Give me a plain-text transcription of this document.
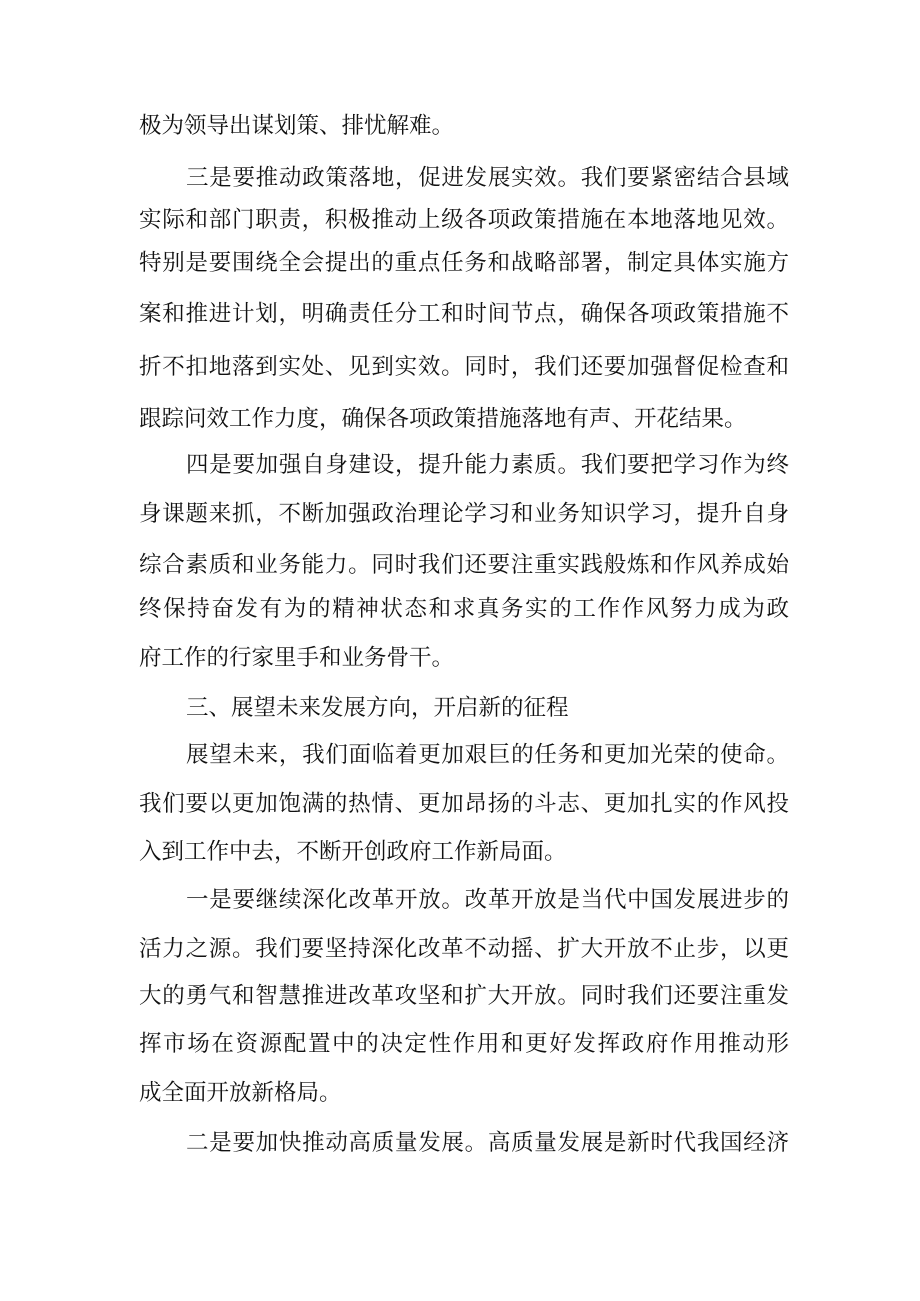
极为领导出谋划策、排忧解难。
三是要推动政策落地，促进发展实效。我们要紧密结合县域
实际和部门职责，积极推动上级各项政策措施在本地落地见效。
特别是要围绕全会提出的重点任务和战略部署，制定具体实施方
案和推进计划，明确责任分工和时间节点，确保各项政策措施不
折不扣地落到实处、见到实效。同时，我们还要加强督促检查和
跟踪问效工作力度，确保各项政策措施落地有声、开花结果。
四是要加强自身建设，提升能力素质。我们要把学习作为终
身课题来抓，不断加强政治理论学习和业务知识学习，提升自身
综合素质和业务能力。同时我们还要注重实践般炼和作风养成始
终保持奋发有为的精神状态和求真务实的工作作风努力成为政
府工作的行家里手和业务骨干。
三、展望未来发展方向，开启新的征程
展望未来，我们面临着更加艰巨的任务和更加光荣的使命。
我们要以更加饱满的热情、更加昂扬的斗志、更加扎实的作风投
入到工作中去，不断开创政府工作新局面。
一是要继续深化改革开放。改革开放是当代中国发展进步的
活力之源。我们要坚持深化改革不动摇、扩大开放不止步，以更
大的勇气和智慧推进改革攻坚和扩大开放。同时我们还要注重发
挥市场在资源配置中的决定性作用和更好发挥政府作用推动形
成全面开放新格局。
二是要加快推动高质量发展。高质量发展是新时代我国经济
